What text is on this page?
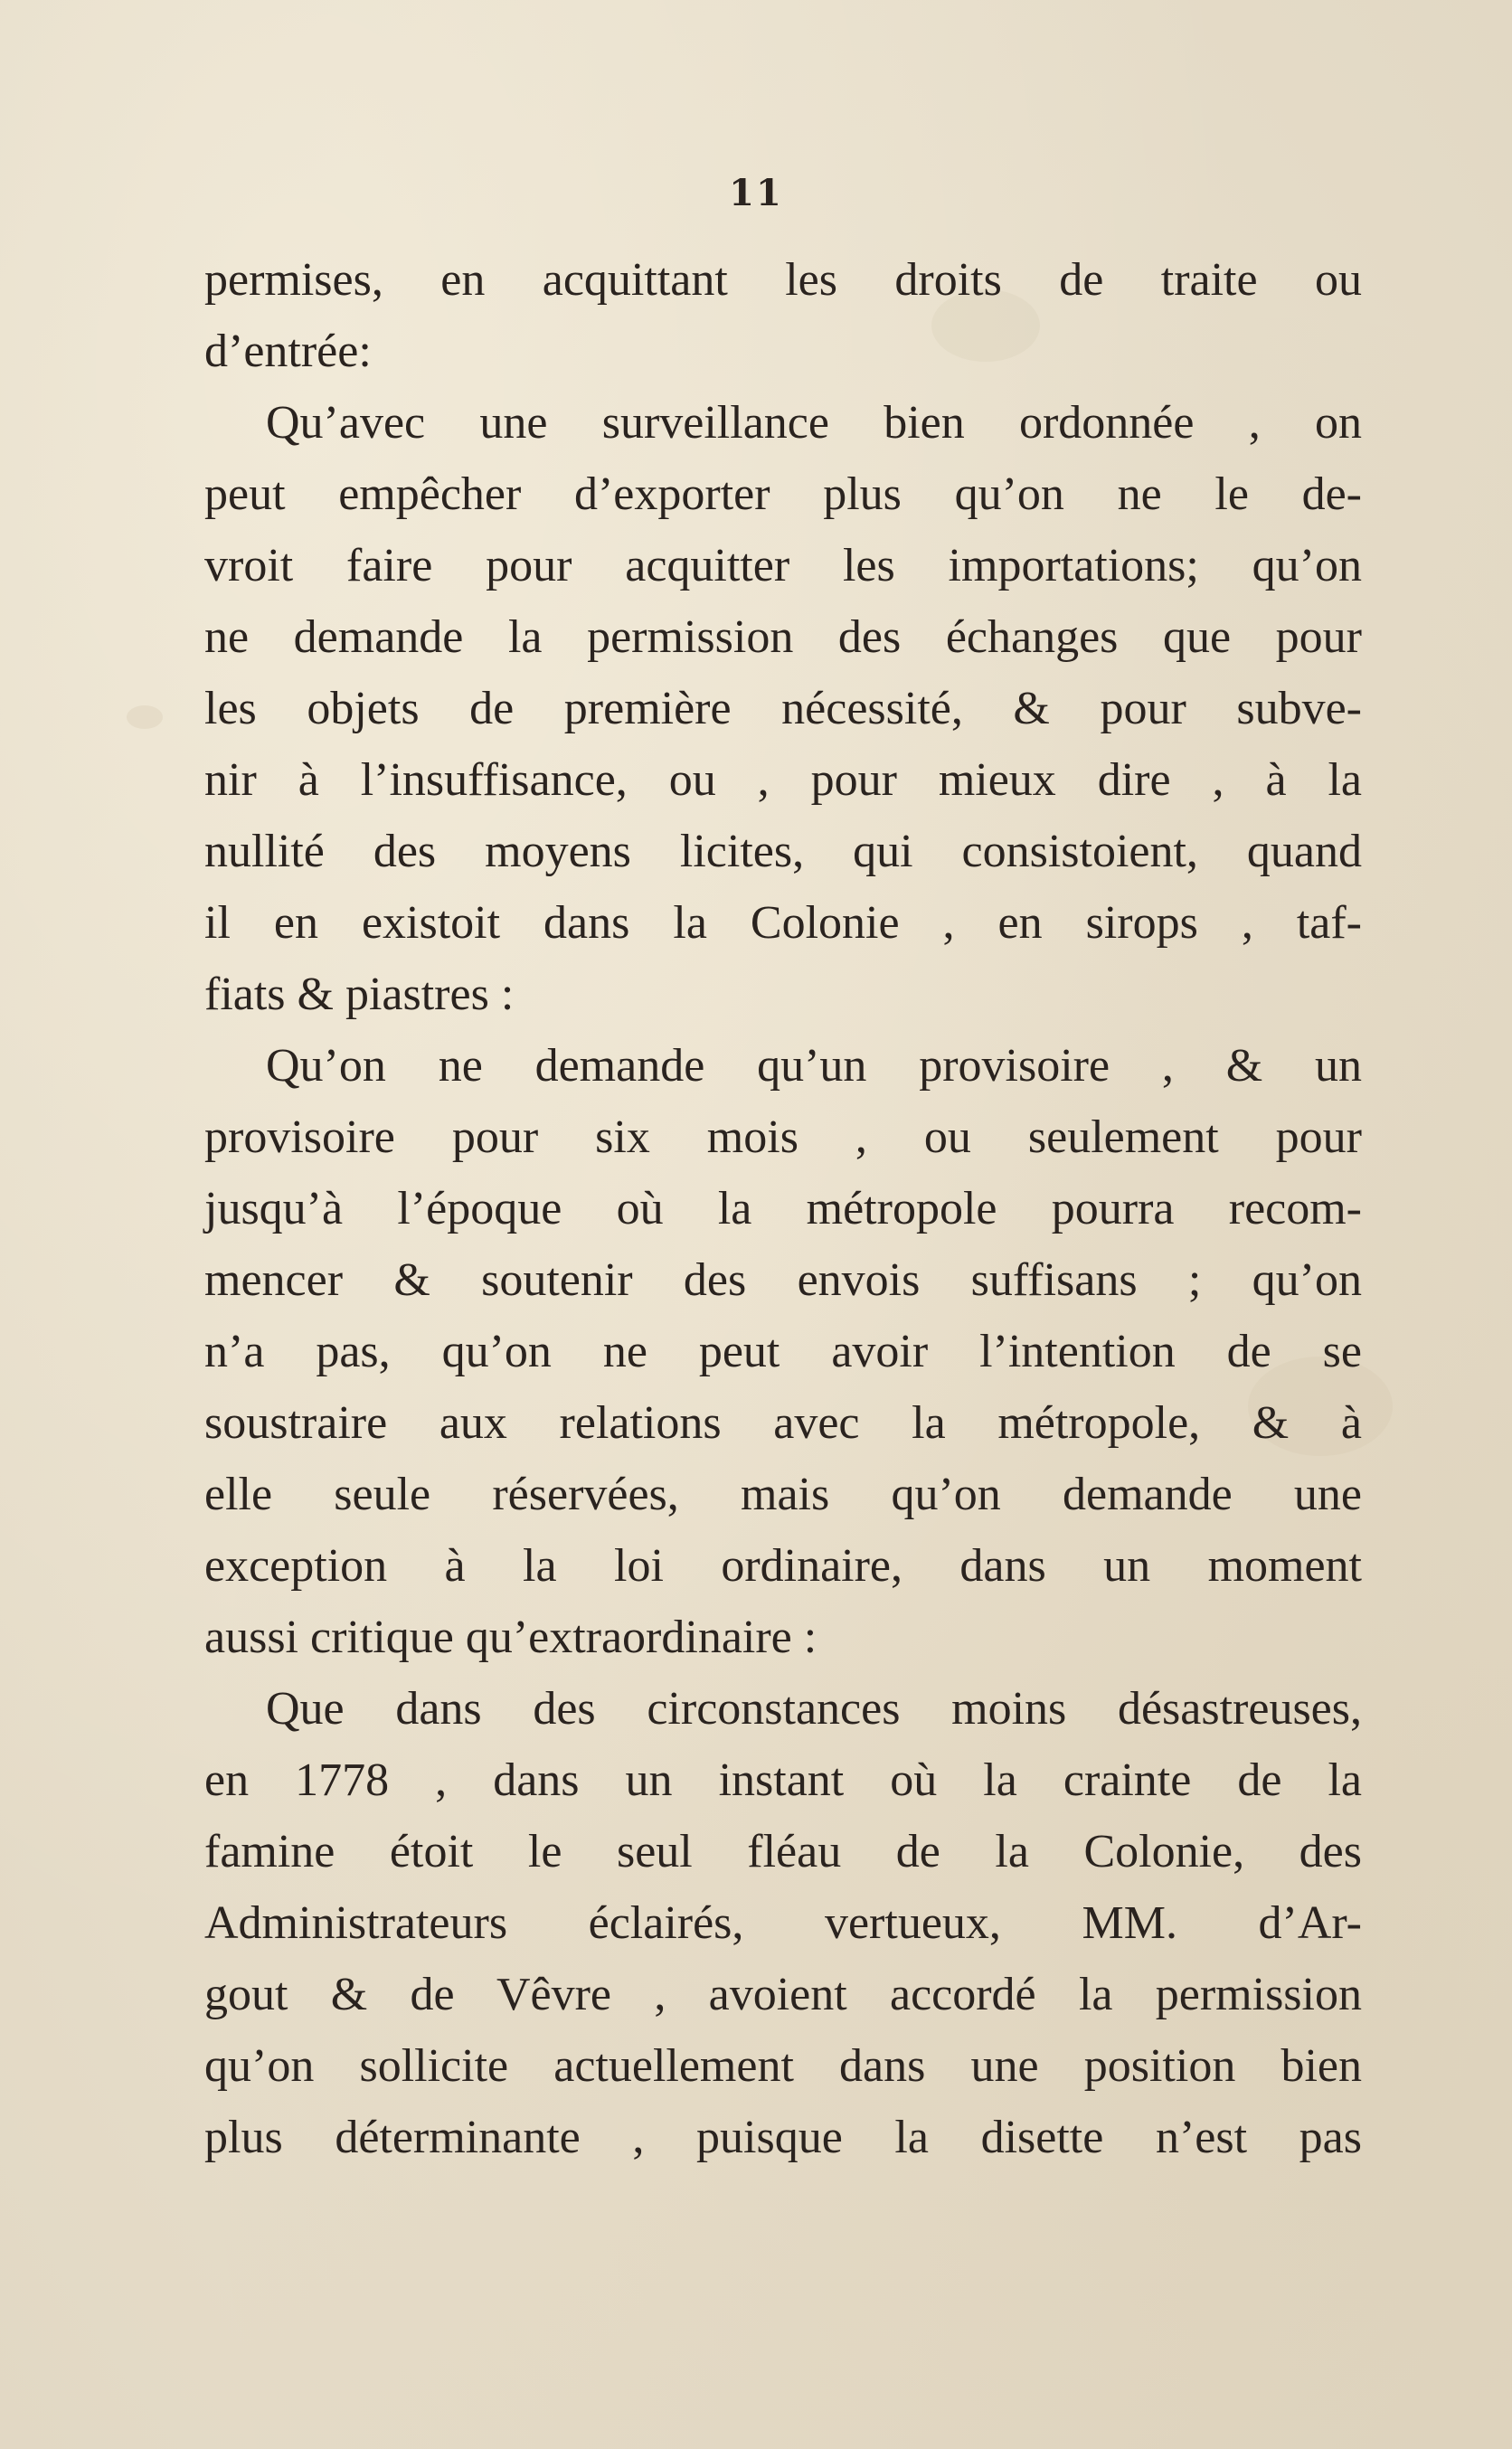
11
permises, en acquittant les droits de traite ou
d’entrée:
Qu’avec une surveillance bien ordonnée , on
peut empêcher d’exporter plus qu’on ne le de-
vroit faire pour acquitter les importations; qu’on
ne demande la permission des échanges que pour
les objets de première nécessité, & pour subve-
nir à l’insuffisance, ou , pour mieux dire , à la
nullité des moyens licites, qui consistoient, quand
il en existoit dans la Colonie , en sirops , taf-
fiats & piastres :
Qu’on ne demande qu’un provisoire , & un
provisoire pour six mois , ou seulement pour
jusqu’à l’époque où la métropole pourra recom-
mencer & soutenir des envois suffisans ; qu’on
n’a pas, qu’on ne peut avoir l’intention de se
soustraire aux relations avec la métropole, & à
elle seule réservées, mais qu’on demande une
exception à la loi ordinaire, dans un moment
aussi critique qu’extraordinaire :
Que dans des circonstances moins désastreuses,
en 1778 , dans un instant où la crainte de la
famine étoit le seul fléau de la Colonie, des
Administrateurs éclairés, vertueux, MM. d’Ar-
gout & de Vêvre , avoient accordé la permission
qu’on sollicite actuellement dans une position bien
plus déterminante , puisque la disette n’est pas
